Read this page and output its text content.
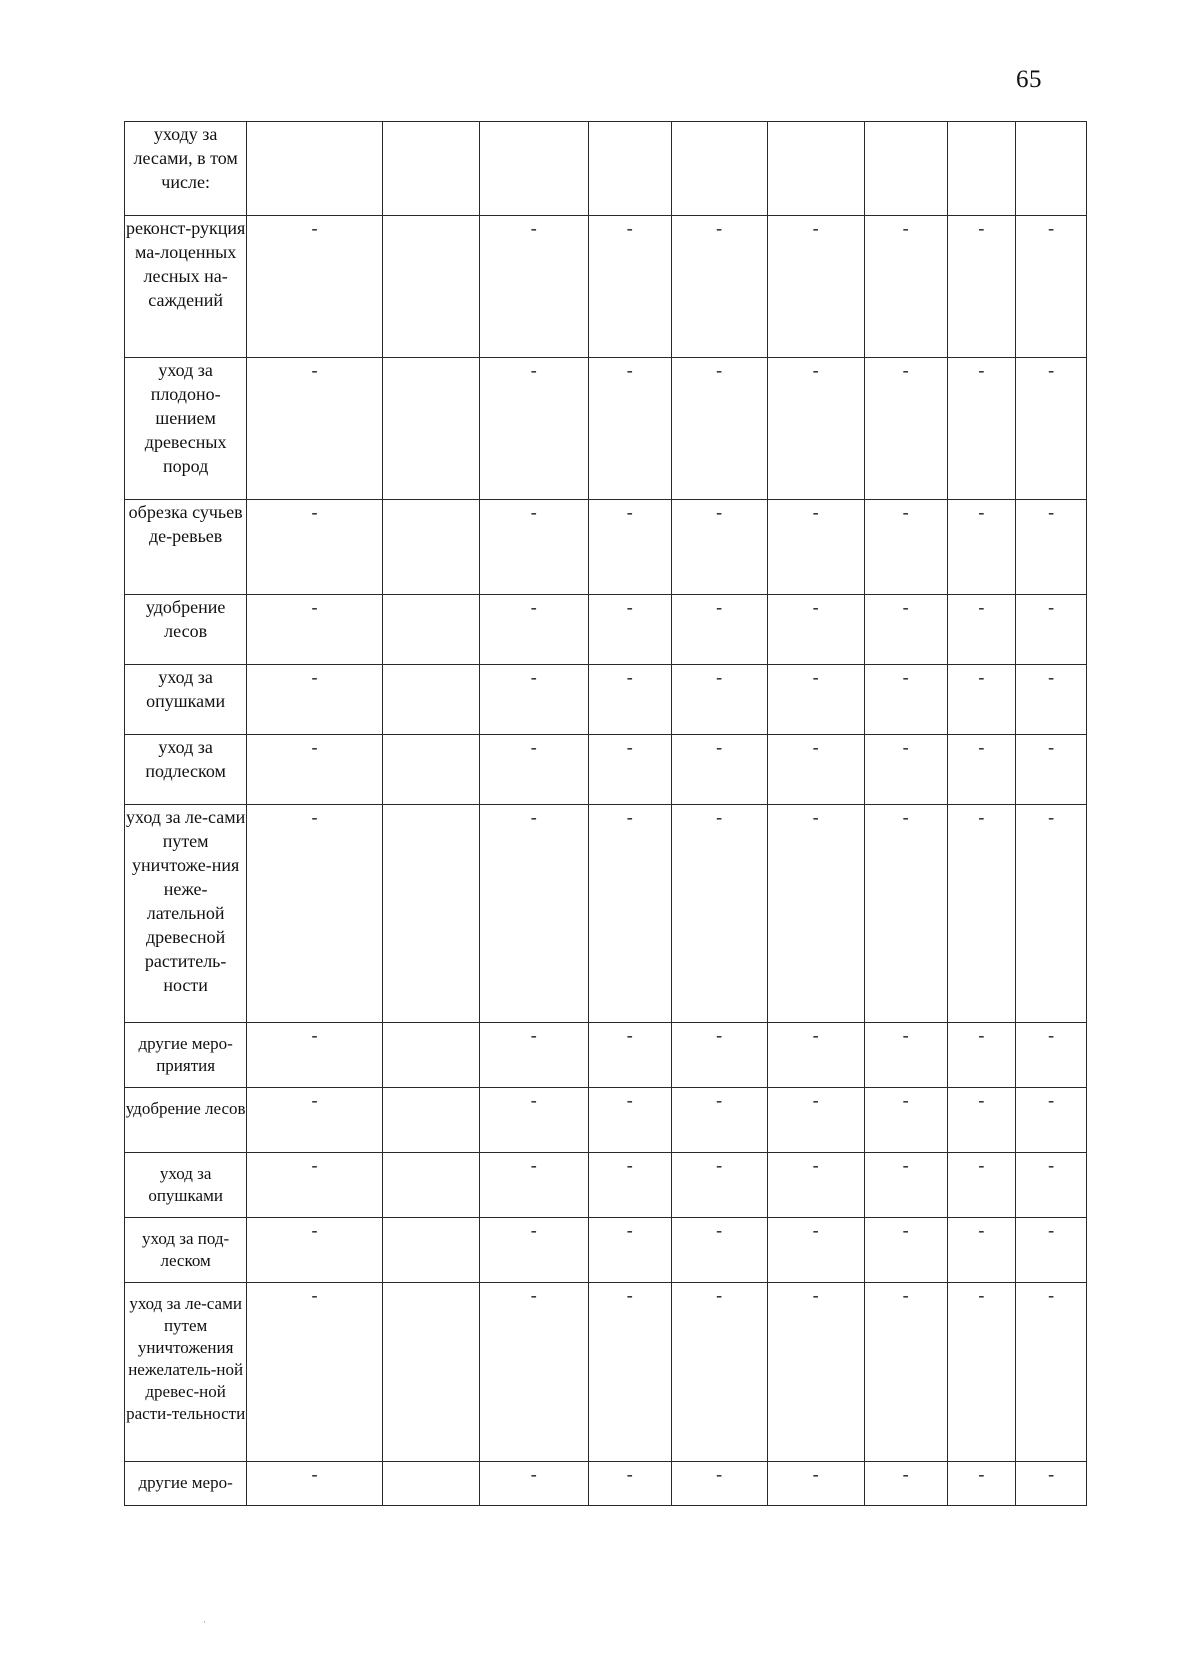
65
уходу за лесами, в том числе:									
реконст-рукция ма-лоценных лесных на-саждений	-		-	-	-	-	-	-	-
уход за плодоно-шением древесных пород	-		-	-	-	-	-	-	-
обрезка сучьев де-ревьев	-		-	-	-	-	-	-	-
удобрение лесов	-		-	-	-	-	-	-	-
уход за опушками	-		-	-	-	-	-	-	-
уход за подлеском	-		-	-	-	-	-	-	-
уход за ле-сами путем уничтоже-ния неже-лательной древесной раститель-ности	-		-	-	-	-	-	-	-
другие меро-приятия	-		-	-	-	-	-	-	-
удобрение лесов	-		-	-	-	-	-	-	-
уход за опушками	-		-	-	-	-	-	-	-
уход за под-леском	-		-	-	-	-	-	-	-
уход за ле-сами путем уничтожения нежелатель-ной древес-ной расти-тельности	-		-	-	-	-	-	-	-
другие меро-	-		-	-	-	-	-	-	-
·
